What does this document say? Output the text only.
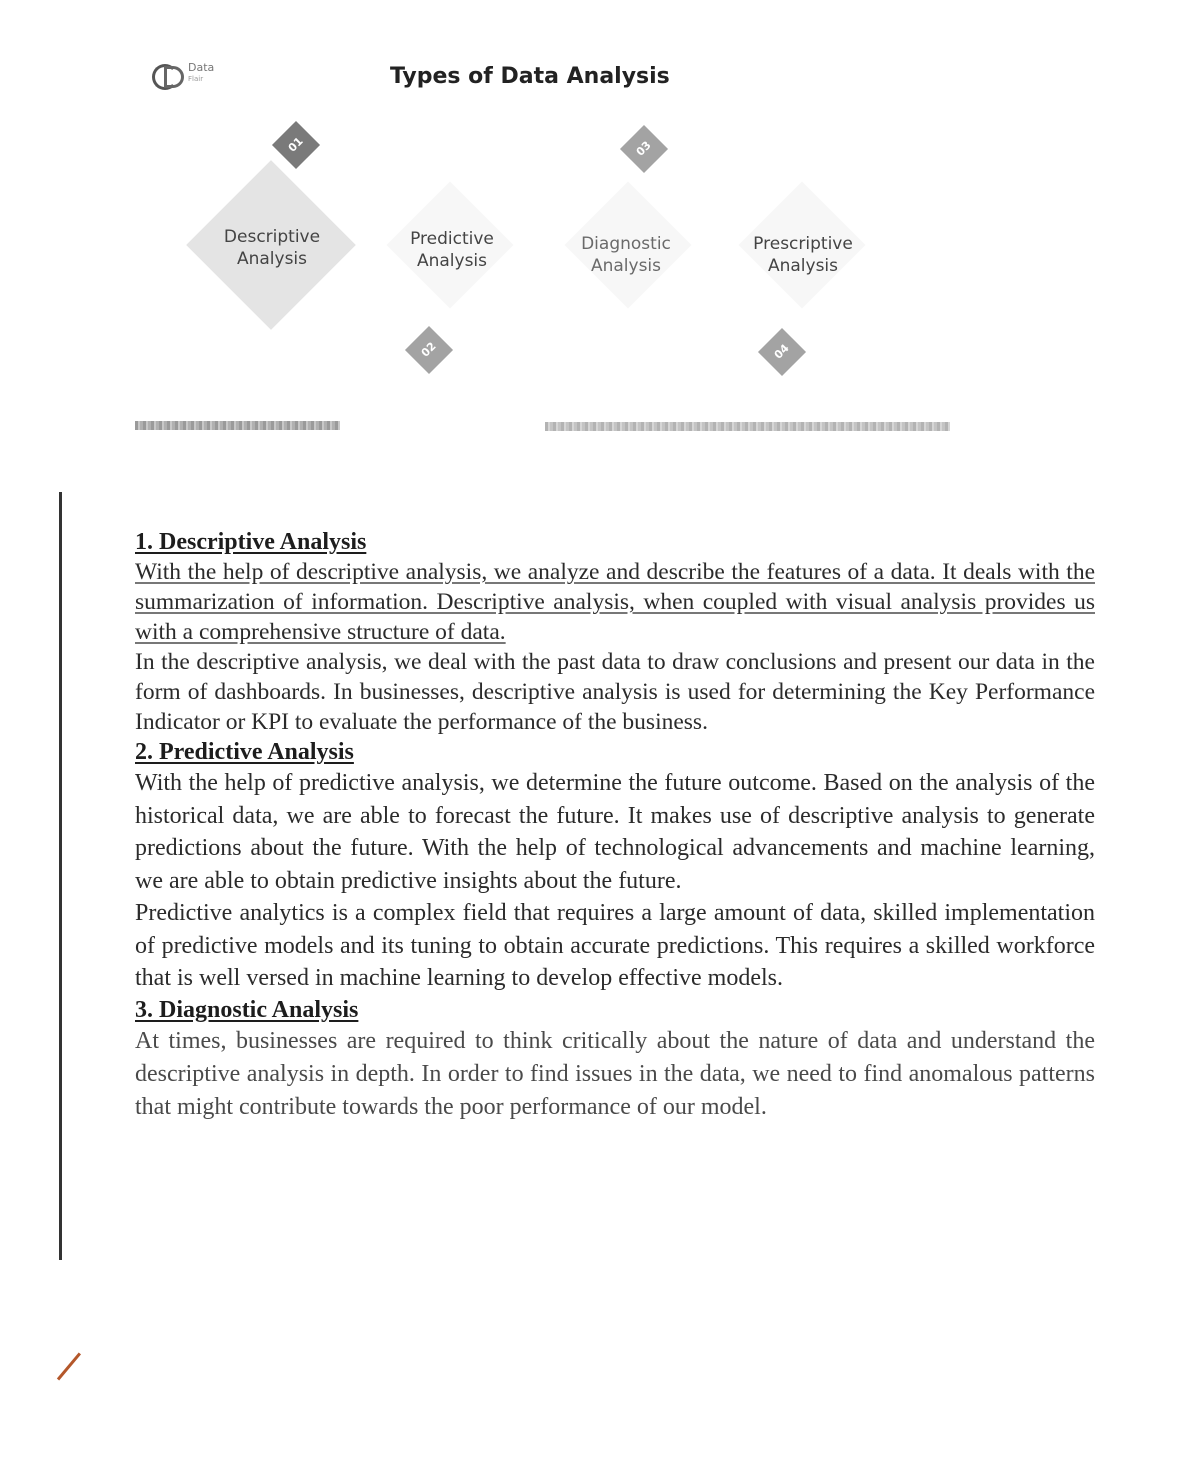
Data
Flair	Types of Data Analysis
01
02
03
04
Descriptive
Analysis
Predictive
Analysis
Diagnostic
Analysis
Prescriptive
Analysis
1. Descriptive Analysis

With the help of descriptive analysis, we analyze and describe the features of a data. It deals with the summarization of information. Descriptive analysis, when coupled with visual analysis provides us with a comprehensive structure of data.

In the descriptive analysis, we deal with the past data to draw conclusions and present our data in the form of dashboards. In businesses, descriptive analysis is used for determining the Key Performance Indicator or KPI to evaluate the performance of the business.

2. Predictive Analysis

With the help of predictive analysis, we determine the future outcome. Based on the analysis of the historical data, we are able to forecast the future. It makes use of descriptive analysis to generate predictions about the future. With the help of technological advancements and machine learning, we are able to obtain predictive insights about the future.

Predictive analytics is a complex field that requires a large amount of data, skilled implementation of predictive models and its tuning to obtain accurate predictions. This requires a skilled workforce that is well versed in machine learning to develop effective models.

3. Diagnostic Analysis

At times, businesses are required to think critically about the nature of data and understand the descriptive analysis in depth. In order to find issues in the data, we need to find anomalous patterns that might contribute towards the poor performance of our model.
